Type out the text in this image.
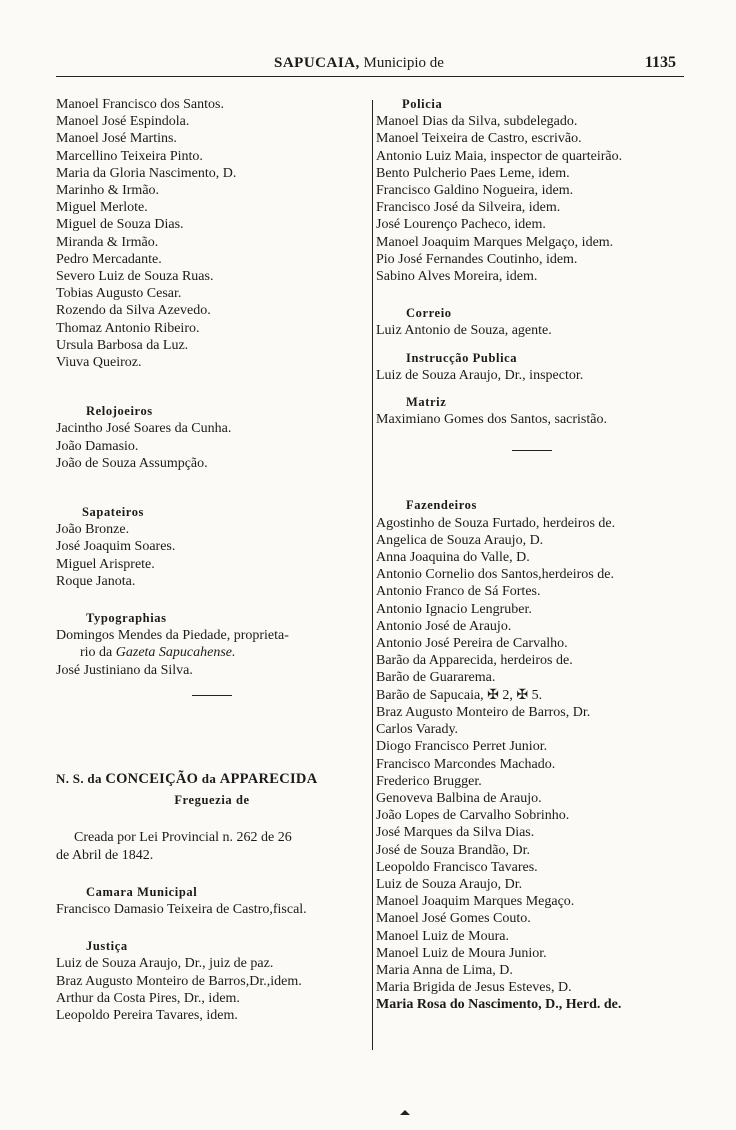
SAPUCAIA, Municipio de	1135
Manoel Francisco dos Santos.
Manoel José Espindola.
Manoel José Martins.
Marcellino Teixeira Pinto.
Maria da Gloria Nascimento, D.
Marinho & Irmão.
Miguel Merlote.
Miguel de Souza Dias.
Miranda & Irmão.
Pedro Mercadante.
Severo Luiz de Souza Ruas.
Tobias Augusto Cesar.
Rozendo da Silva Azevedo.
Thomaz Antonio Ribeiro.
Ursula Barbosa da Luz.
Viuva Queiroz.
Relojoeiros
Jacintho José Soares da Cunha.
João Damasio.
João de Souza Assumpção.
Sapateiros
João Bronze.
José Joaquim Soares.
Miguel Arisprete.
Roque Janota.
Typographias
Domingos Mendes da Piedade, proprieta-
rio da Gazeta Sapucahense.
José Justiniano da Silva.
N. S. da CONCEIÇÃO da APPARECIDA
Freguezia de
Creada por Lei Provincial n. 262 de 26
de Abril de 1842.
Camara Municipal
Francisco Damasio Teixeira de Castro,fiscal.
Justiça
Luiz de Souza Araujo, Dr., juiz de paz.
Braz Augusto Monteiro de Barros,Dr.,idem.
Arthur da Costa Pires, Dr., idem.
Leopoldo Pereira Tavares, idem.
Policia
Manoel Dias da Silva, subdelegado.
Manoel Teixeira de Castro, escrivão.
Antonio Luiz Maia, inspector de quarteirão.
Bento Pulcherio Paes Leme, idem.
Francisco Galdino Nogueira, idem.
Francisco José da Silveira, idem.
José Lourenço Pacheco, idem.
Manoel Joaquim Marques Melgaço, idem.
Pio José Fernandes Coutinho, idem.
Sabino Alves Moreira, idem.
Correio
Luiz Antonio de Souza, agente.
Instrucção Publica
Luiz de Souza Araujo, Dr., inspector.
Matriz
Maximiano Gomes dos Santos, sacristão.
Fazendeiros
Agostinho de Souza Furtado, herdeiros de.
Angelica de Souza Araujo, D.
Anna Joaquina do Valle, D.
Antonio Cornelio dos Santos,herdeiros de.
Antonio Franco de Sá Fortes.
Antonio Ignacio Lengruber.
Antonio José de Araujo.
Antonio José Pereira de Carvalho.
Barão da Apparecida, herdeiros de.
Barão de Guararema.
Barão de Sapucaia, ✠ 2, ✠ 5.
Braz Augusto Monteiro de Barros, Dr.
Carlos Varady.
Diogo Francisco Perret Junior.
Francisco Marcondes Machado.
Frederico Brugger.
Genoveva Balbina de Araujo.
João Lopes de Carvalho Sobrinho.
José Marques da Silva Dias.
José de Souza Brandão, Dr.
Leopoldo Francisco Tavares.
Luiz de Souza Araujo, Dr.
Manoel Joaquim Marques Megaço.
Manoel José Gomes Couto.
Manoel Luiz de Moura.
Manoel Luiz de Moura Junior.
Maria Anna de Lima, D.
Maria Brigida de Jesus Esteves, D.
Maria Rosa do Nascimento, D., Herd. de.
